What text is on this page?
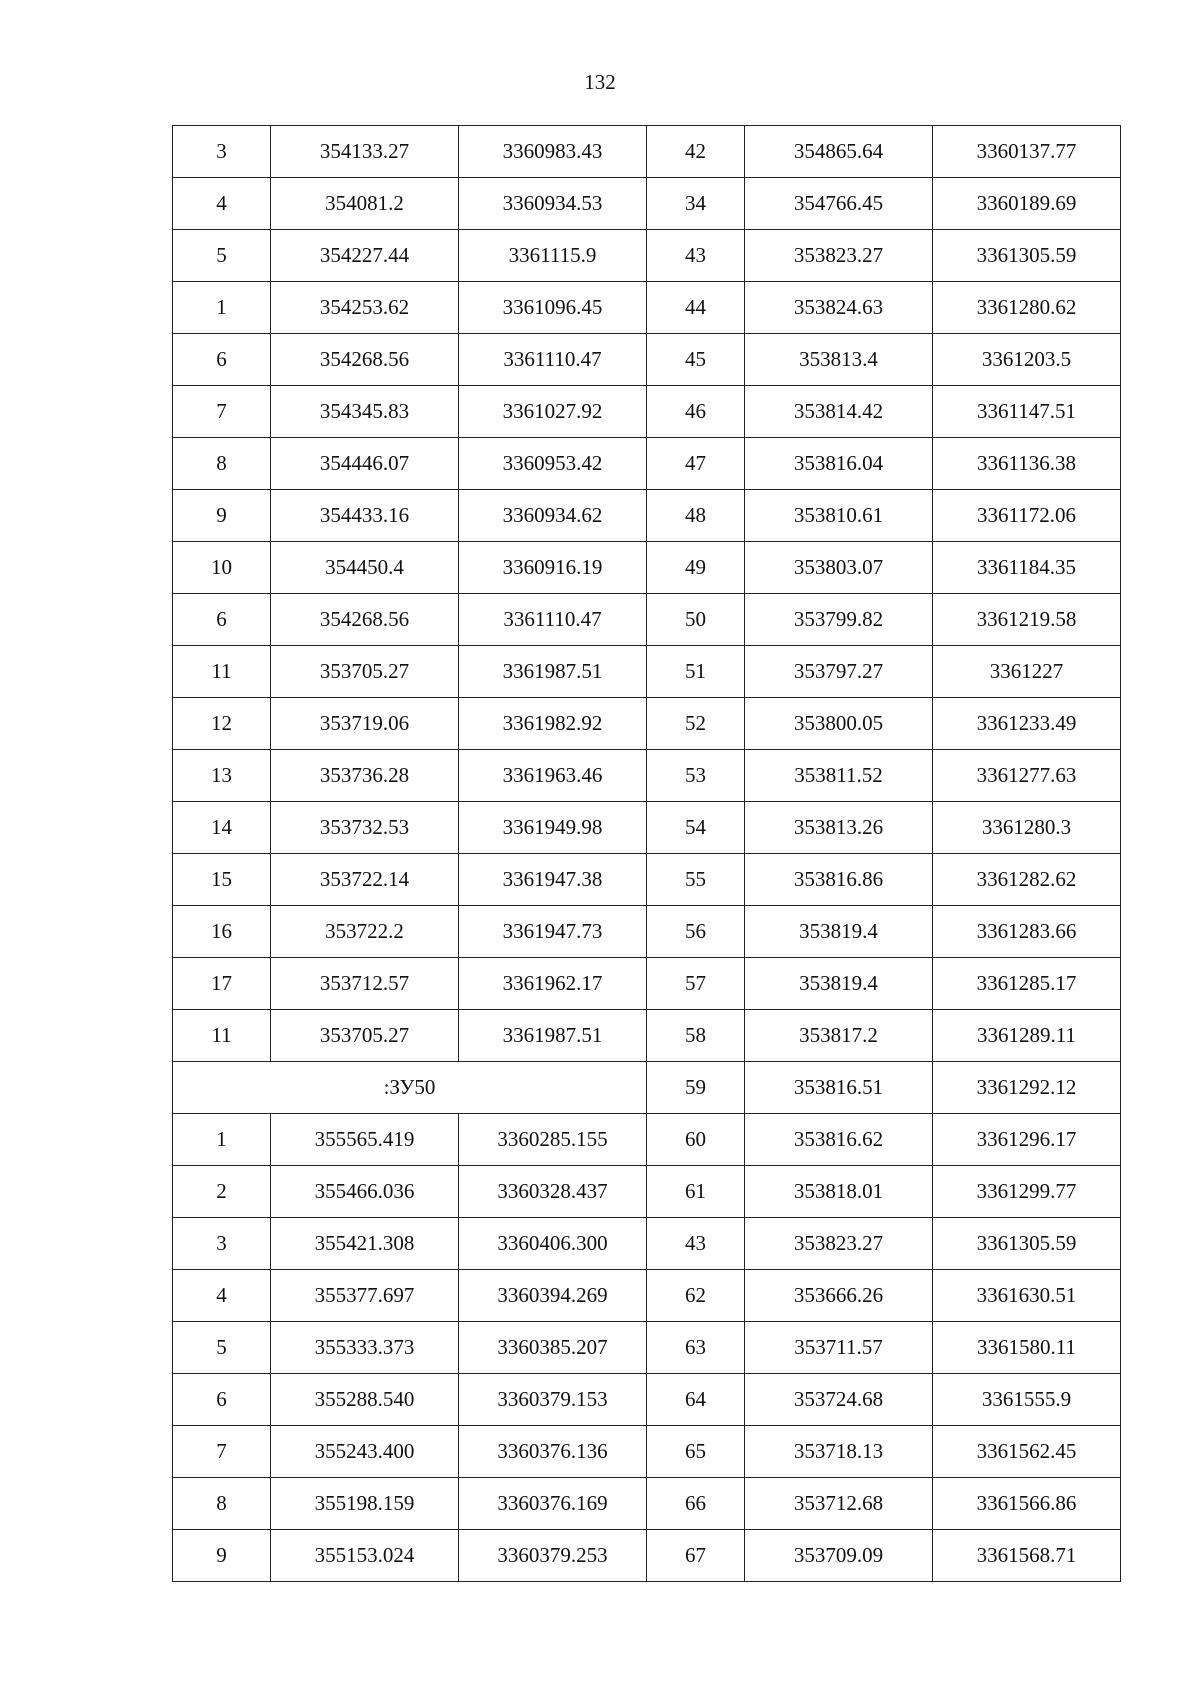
132
3	354133.27	3360983.43	42	354865.64	3360137.77
4	354081.2	3360934.53	34	354766.45	3360189.69
5	354227.44	3361115.9	43	353823.27	3361305.59
1	354253.62	3361096.45	44	353824.63	3361280.62
6	354268.56	3361110.47	45	353813.4	3361203.5
7	354345.83	3361027.92	46	353814.42	3361147.51
8	354446.07	3360953.42	47	353816.04	3361136.38
9	354433.16	3360934.62	48	353810.61	3361172.06
10	354450.4	3360916.19	49	353803.07	3361184.35
6	354268.56	3361110.47	50	353799.82	3361219.58
11	353705.27	3361987.51	51	353797.27	3361227
12	353719.06	3361982.92	52	353800.05	3361233.49
13	353736.28	3361963.46	53	353811.52	3361277.63
14	353732.53	3361949.98	54	353813.26	3361280.3
15	353722.14	3361947.38	55	353816.86	3361282.62
16	353722.2	3361947.73	56	353819.4	3361283.66
17	353712.57	3361962.17	57	353819.4	3361285.17
11	353705.27	3361987.51	58	353817.2	3361289.11
:ЗУ50			59	353816.51	3361292.12
1	355565.419	3360285.155	60	353816.62	3361296.17
2	355466.036	3360328.437	61	353818.01	3361299.77
3	355421.308	3360406.300	43	353823.27	3361305.59
4	355377.697	3360394.269	62	353666.26	3361630.51
5	355333.373	3360385.207	63	353711.57	3361580.11
6	355288.540	3360379.153	64	353724.68	3361555.9
7	355243.400	3360376.136	65	353718.13	3361562.45
8	355198.159	3360376.169	66	353712.68	3361566.86
9	355153.024	3360379.253	67	353709.09	3361568.71
